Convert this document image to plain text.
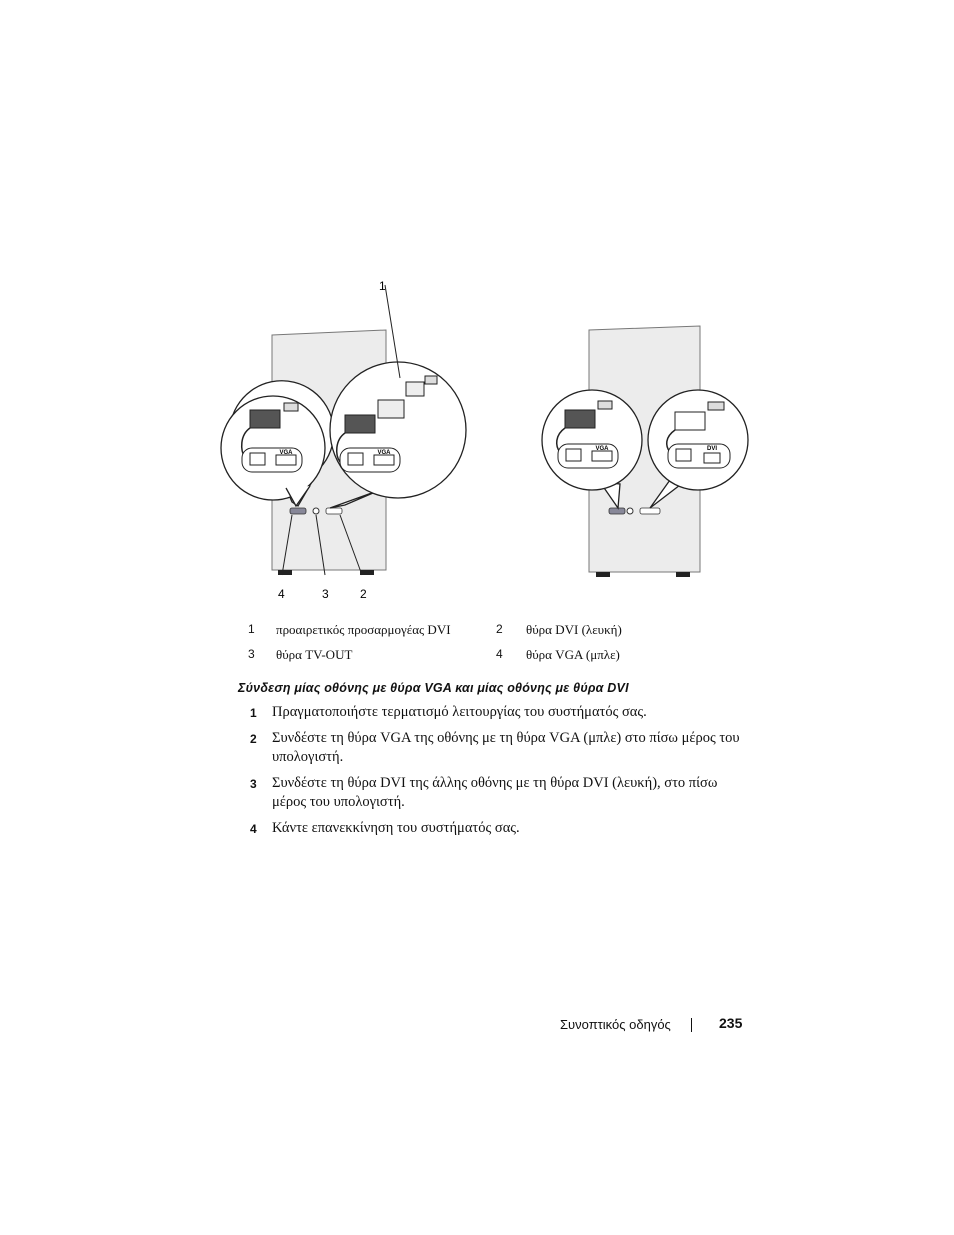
VGA	VGA
1
4	3	2
VGA	DVI
1 προαιρετικός προσαρμογέας DVI	2 θύρα DVI (λευκή)
3 θύρα TV-OUT	4 θύρα VGA (μπλε)
Σύνδεση μίας οθόνης με θύρα VGA και μίας οθόνης με θύρα DVI
1 Πραγματοποιήστε τερματισμό λειτουργίας του συστήματός σας.
2 Συνδέστε τη θύρα VGA της οθόνης με τη θύρα VGA (μπλε) στο πίσω μέρος του υπολογιστή.
3 Συνδέστε τη θύρα DVI της άλλης οθόνης με τη θύρα DVI (λευκή), στο πίσω μέρος του υπολογιστή.
4 Κάντε επανεκκίνηση του συστήματός σας.
Συνοπτικός οδηγός	235
